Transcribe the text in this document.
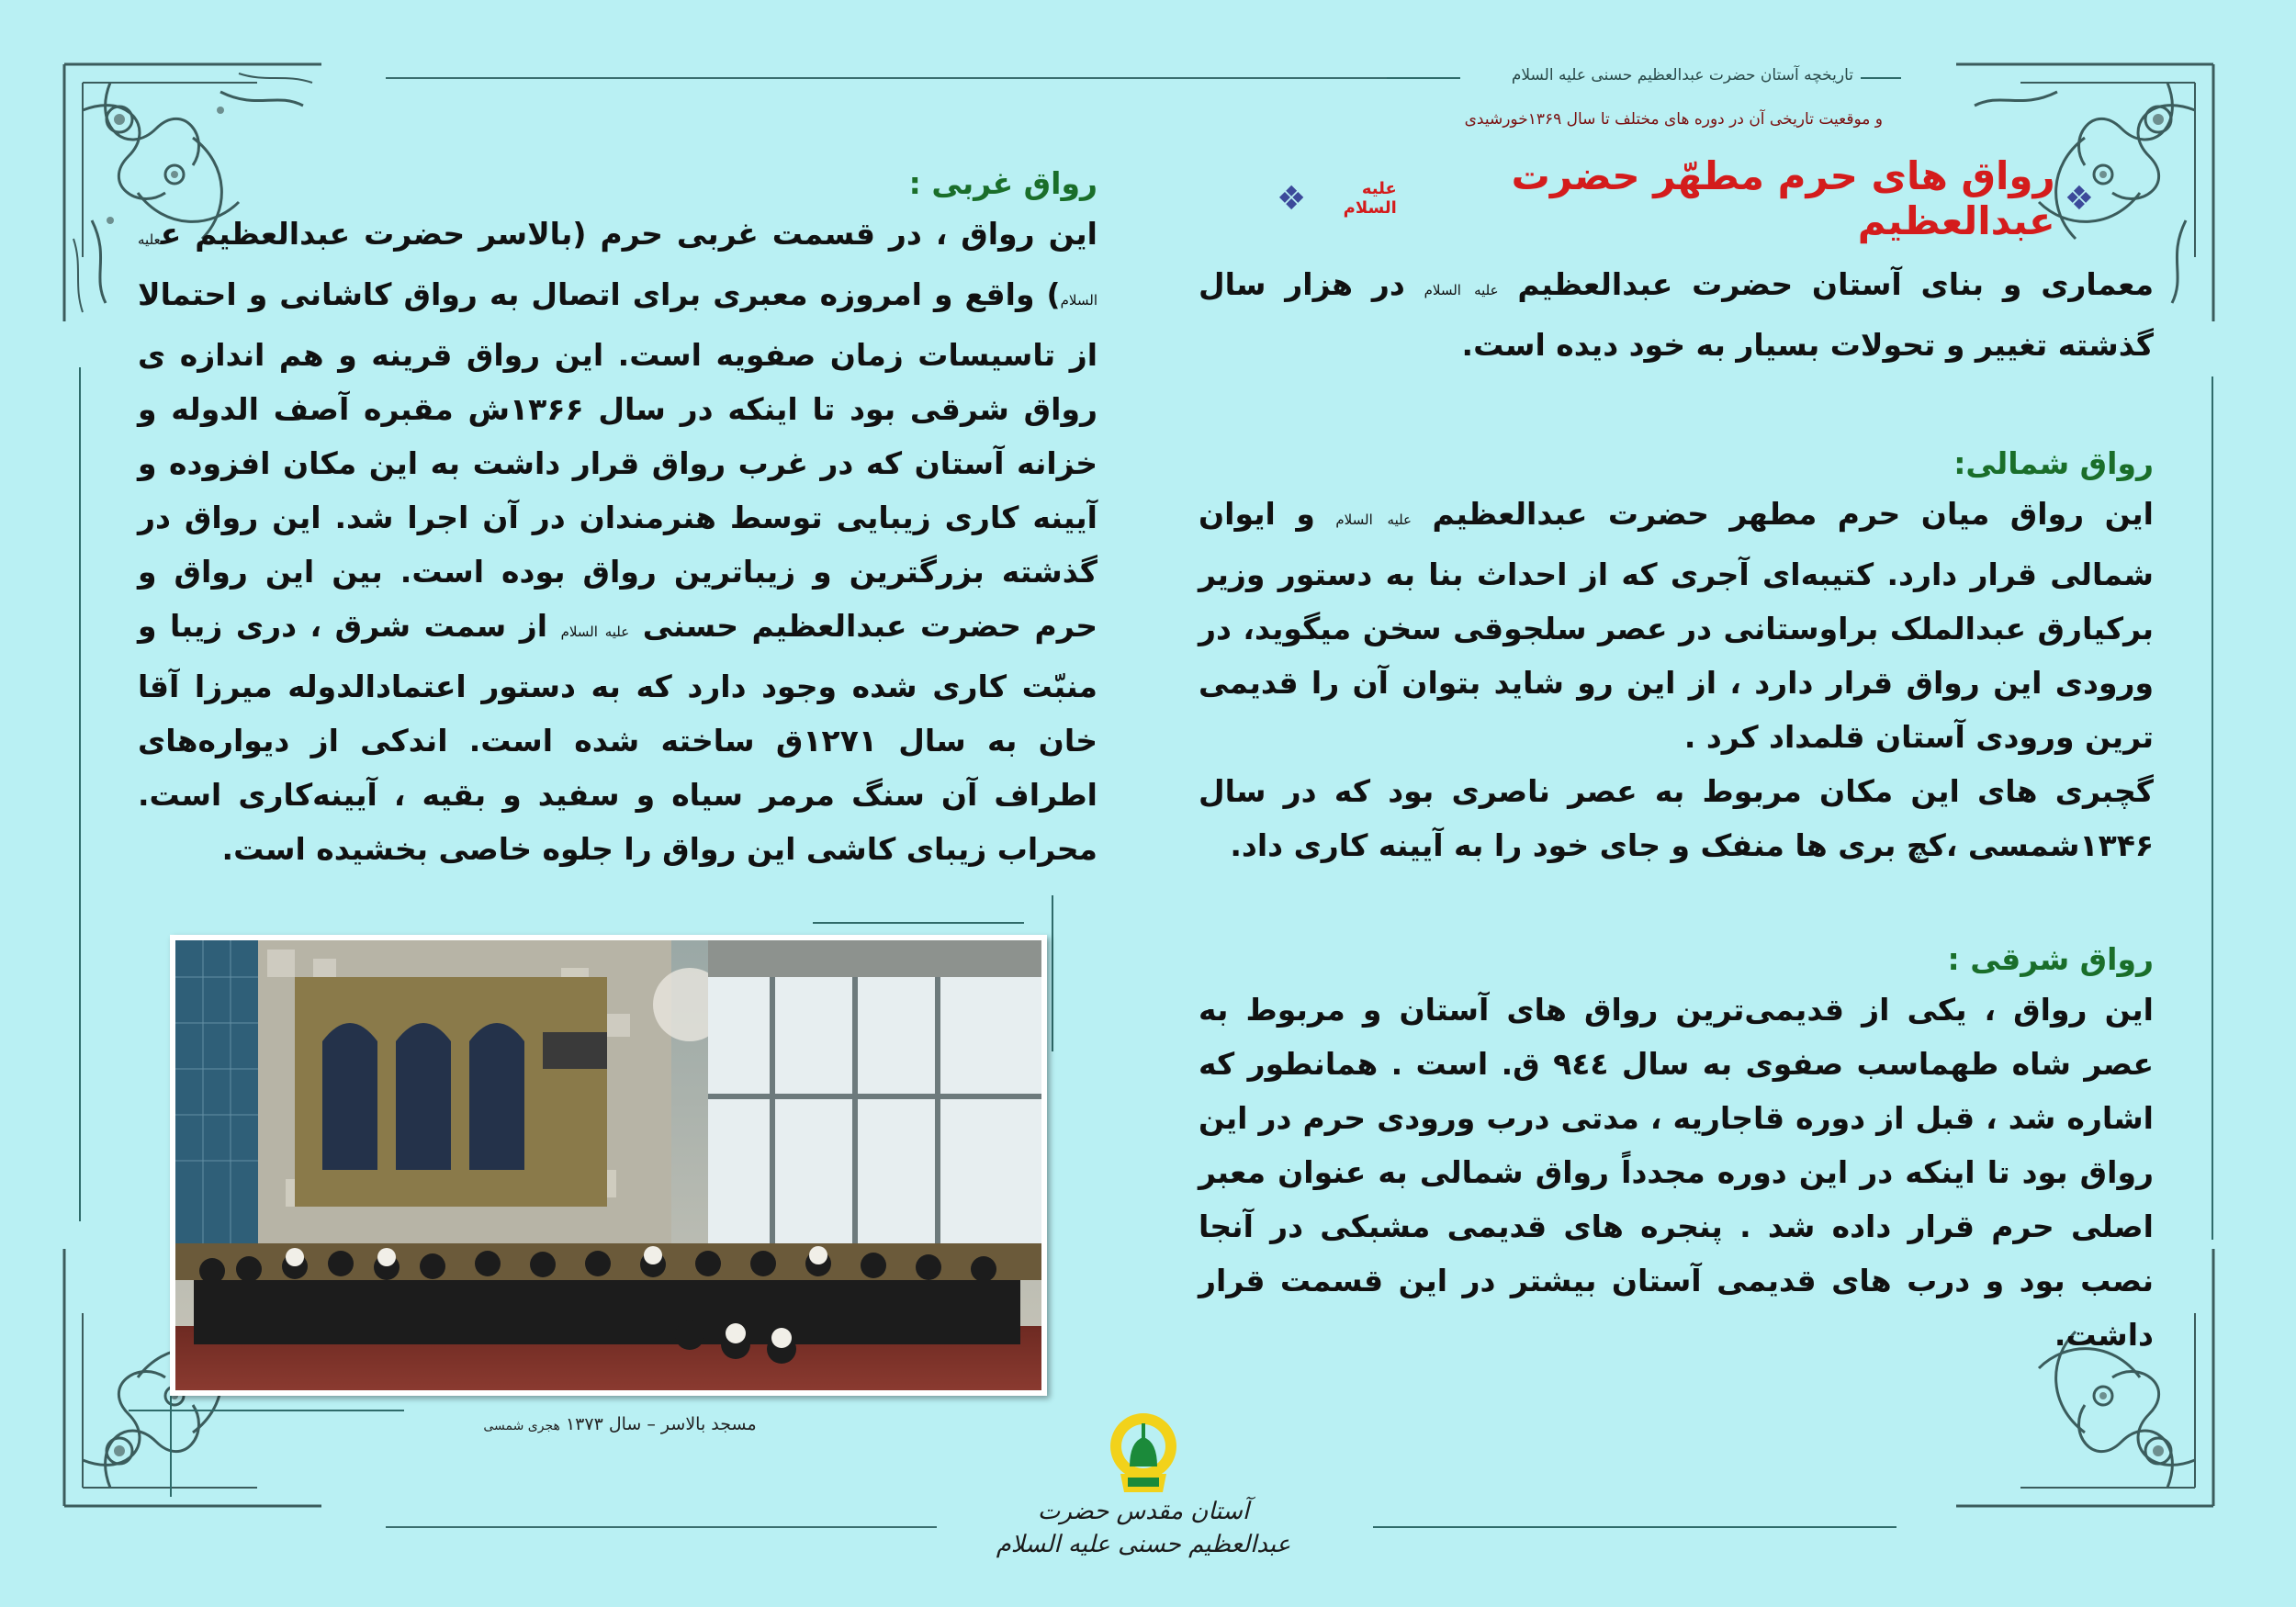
تاریخچه آستان حضرت عبدالعظیم حسنی علیه السلام
و موقعیت تاریخی آن در دوره های مختلف تا سال ۱۳۶۹خورشیدی
❖
رواق های حرم مطهّر حضرت عبدالعظیم
علیه السلام
❖

معماری و بنای آستان حضرت عبدالعظیم علیه السلام در هزار سال گذشته تغییر و تحولات بسیار به خود دیده است.

رواق شمالی:

این رواق میان حرم مطهر حضرت عبدالعظیم علیه السلام و ایوان شمالی قرار دارد. کتیبه‌ای آجری که از احداث بنا به دستور وزیر برکیارق عبدالملک براوستانی در عصر سلجوقی سخن میگوید، در ورودی این رواق قرار دارد ، از این رو شاید بتوان آن را قدیمی ترین ورودی آستان قلمداد کرد .

گچبری های این مکان مربوط به عصر ناصری بود که در سال ۱۳۴۶شمسی ،کچ بری ها منفک و جای خود را به آیینه کاری داد.

رواق شرقی :

این رواق ، یکی از قدیمی‌ترین رواق های آستان و مربوط به عصر شاه طهماسب صفوی به سال ۹٤٤ ق. است . همانطور که اشاره شد ، قبل از دوره قاجاریه ، مدتی درب ورودی حرم در این رواق بود تا اینکه در این دوره مجدداً رواق شمالی به عنوان معبر اصلی حرم قرار داده شد . پنجره های قدیمی مشبکی در آنجا نصب بود و درب های قدیمی آستان بیشتر در این قسمت قرار داشت.

رواق غربی :

این رواق ، در قسمت غربی حرم (بالاسر حضرت عبدالعظیم ععلیه السلام) واقع و امروزه معبری برای اتصال به رواق کاشانی و احتمالا از تاسیسات زمان صفویه است. این رواق قرینه و هم اندازه ی رواق شرقی بود تا اینکه در سال ۱۳۶۶ش مقبره آصف الدوله و خزانه آستان که در غرب رواق قرار داشت به این مکان افزوده و آیینه کاری زیبایی توسط هنرمندان در آن اجرا شد. این رواق در گذشته بزرگترین و زیباترین رواق بوده است. بین این رواق و حرم حضرت عبدالعظیم حسنی علیه السلام از سمت شرق ، دری زیبا و منبّت کاری شده وجود دارد که به دستور اعتمادالدوله میرزا آقا خان به سال ۱۲۷۱ق ساخته شده است. اندکی از دیواره‌های اطراف آن سنگ مرمر سیاه و سفید و بقیه ، آیینه‌کاری است. محراب زیبای کاشی این رواق را جلوه خاصی بخشیده است.

مسجد بالاسر – سال ۱۳۷۳ هجری شمسی
آستان مقدس حضرت عبدالعظیم حسنی علیه السلام
